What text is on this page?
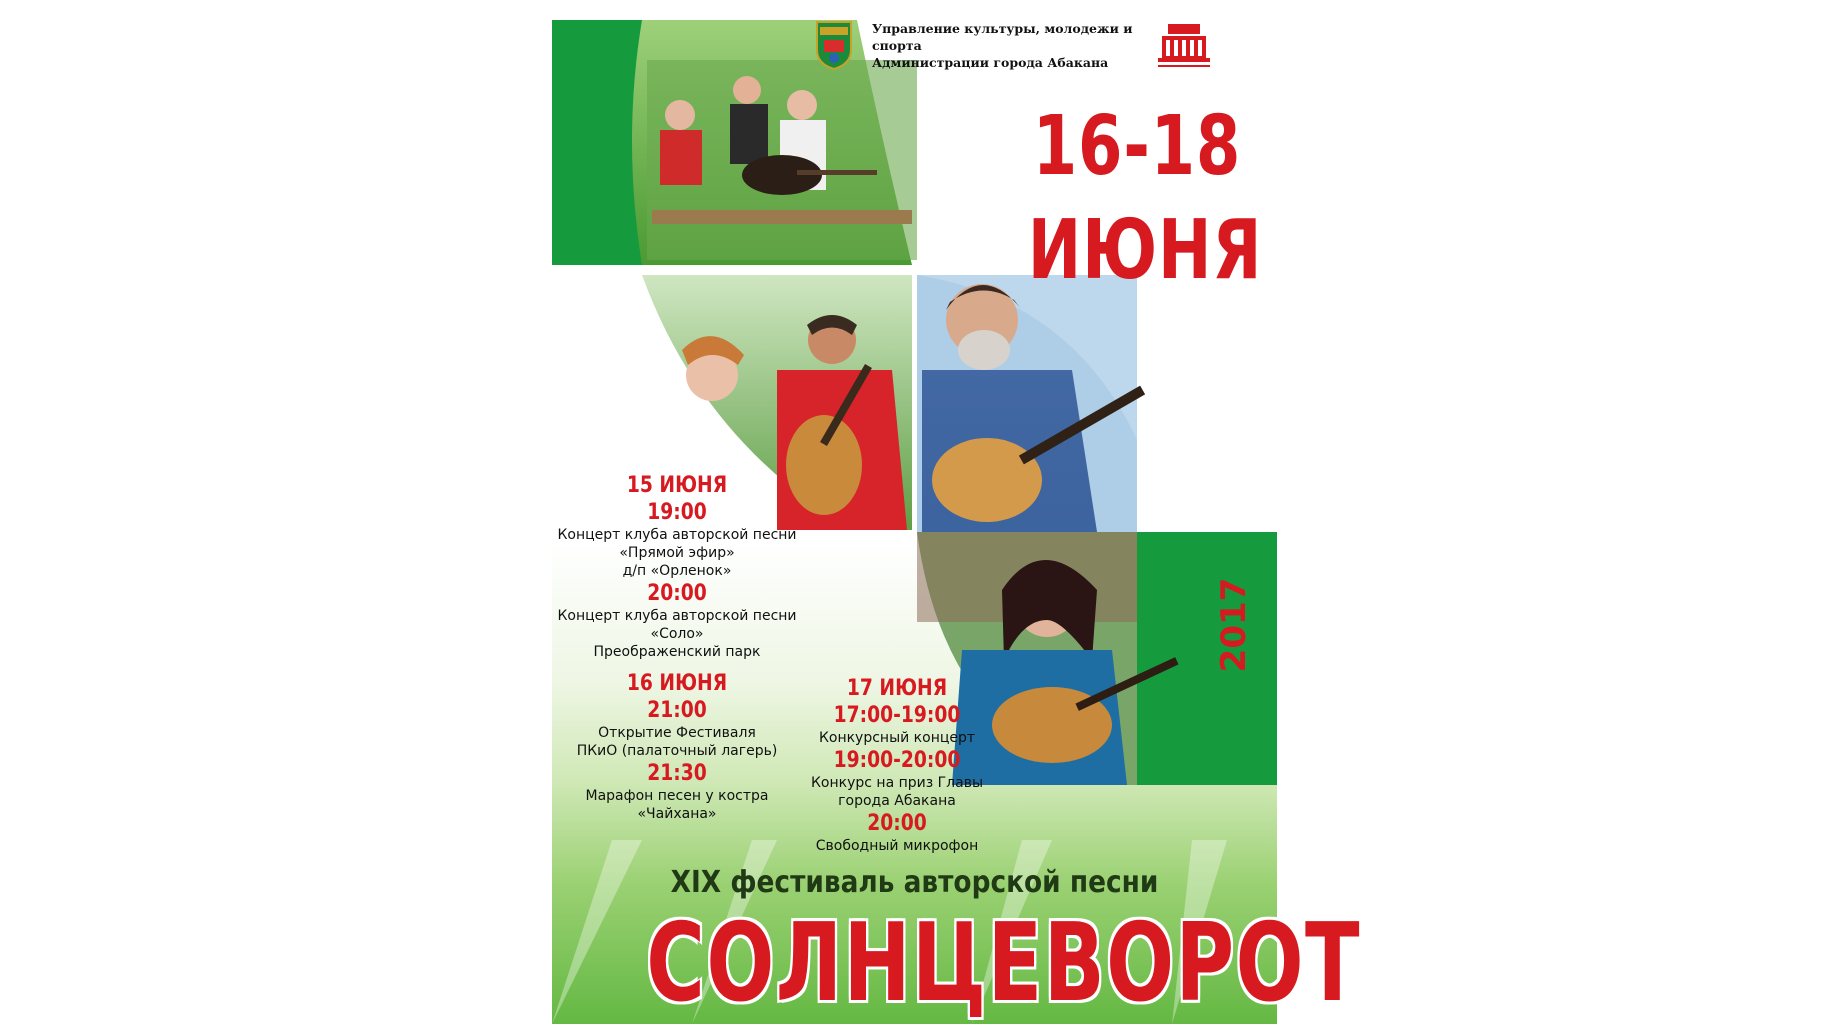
Управление культуры, молодежи и спорта
Администрации города Абакана
16-18
ИЮНЯ
2017
15 ИЮНЯ
19:00
Концерт клуба авторской песни
«Прямой эфир»
д/п «Орленок»
20:00
Концерт клуба авторской песни
«Соло»
Преображенский парк
16 ИЮНЯ
21:00
Открытие Фестиваля
ПКиО (палаточный лагерь)
21:30
Марафон песен у костра
«Чайхана»
17 ИЮНЯ
17:00-19:00
Конкурсный концерт
19:00-20:00
Конкурс на приз Главы
города Абакана
20:00
Свободный микрофон
XIX фестиваль авторской песни
СОЛНЦЕВОРОТ
